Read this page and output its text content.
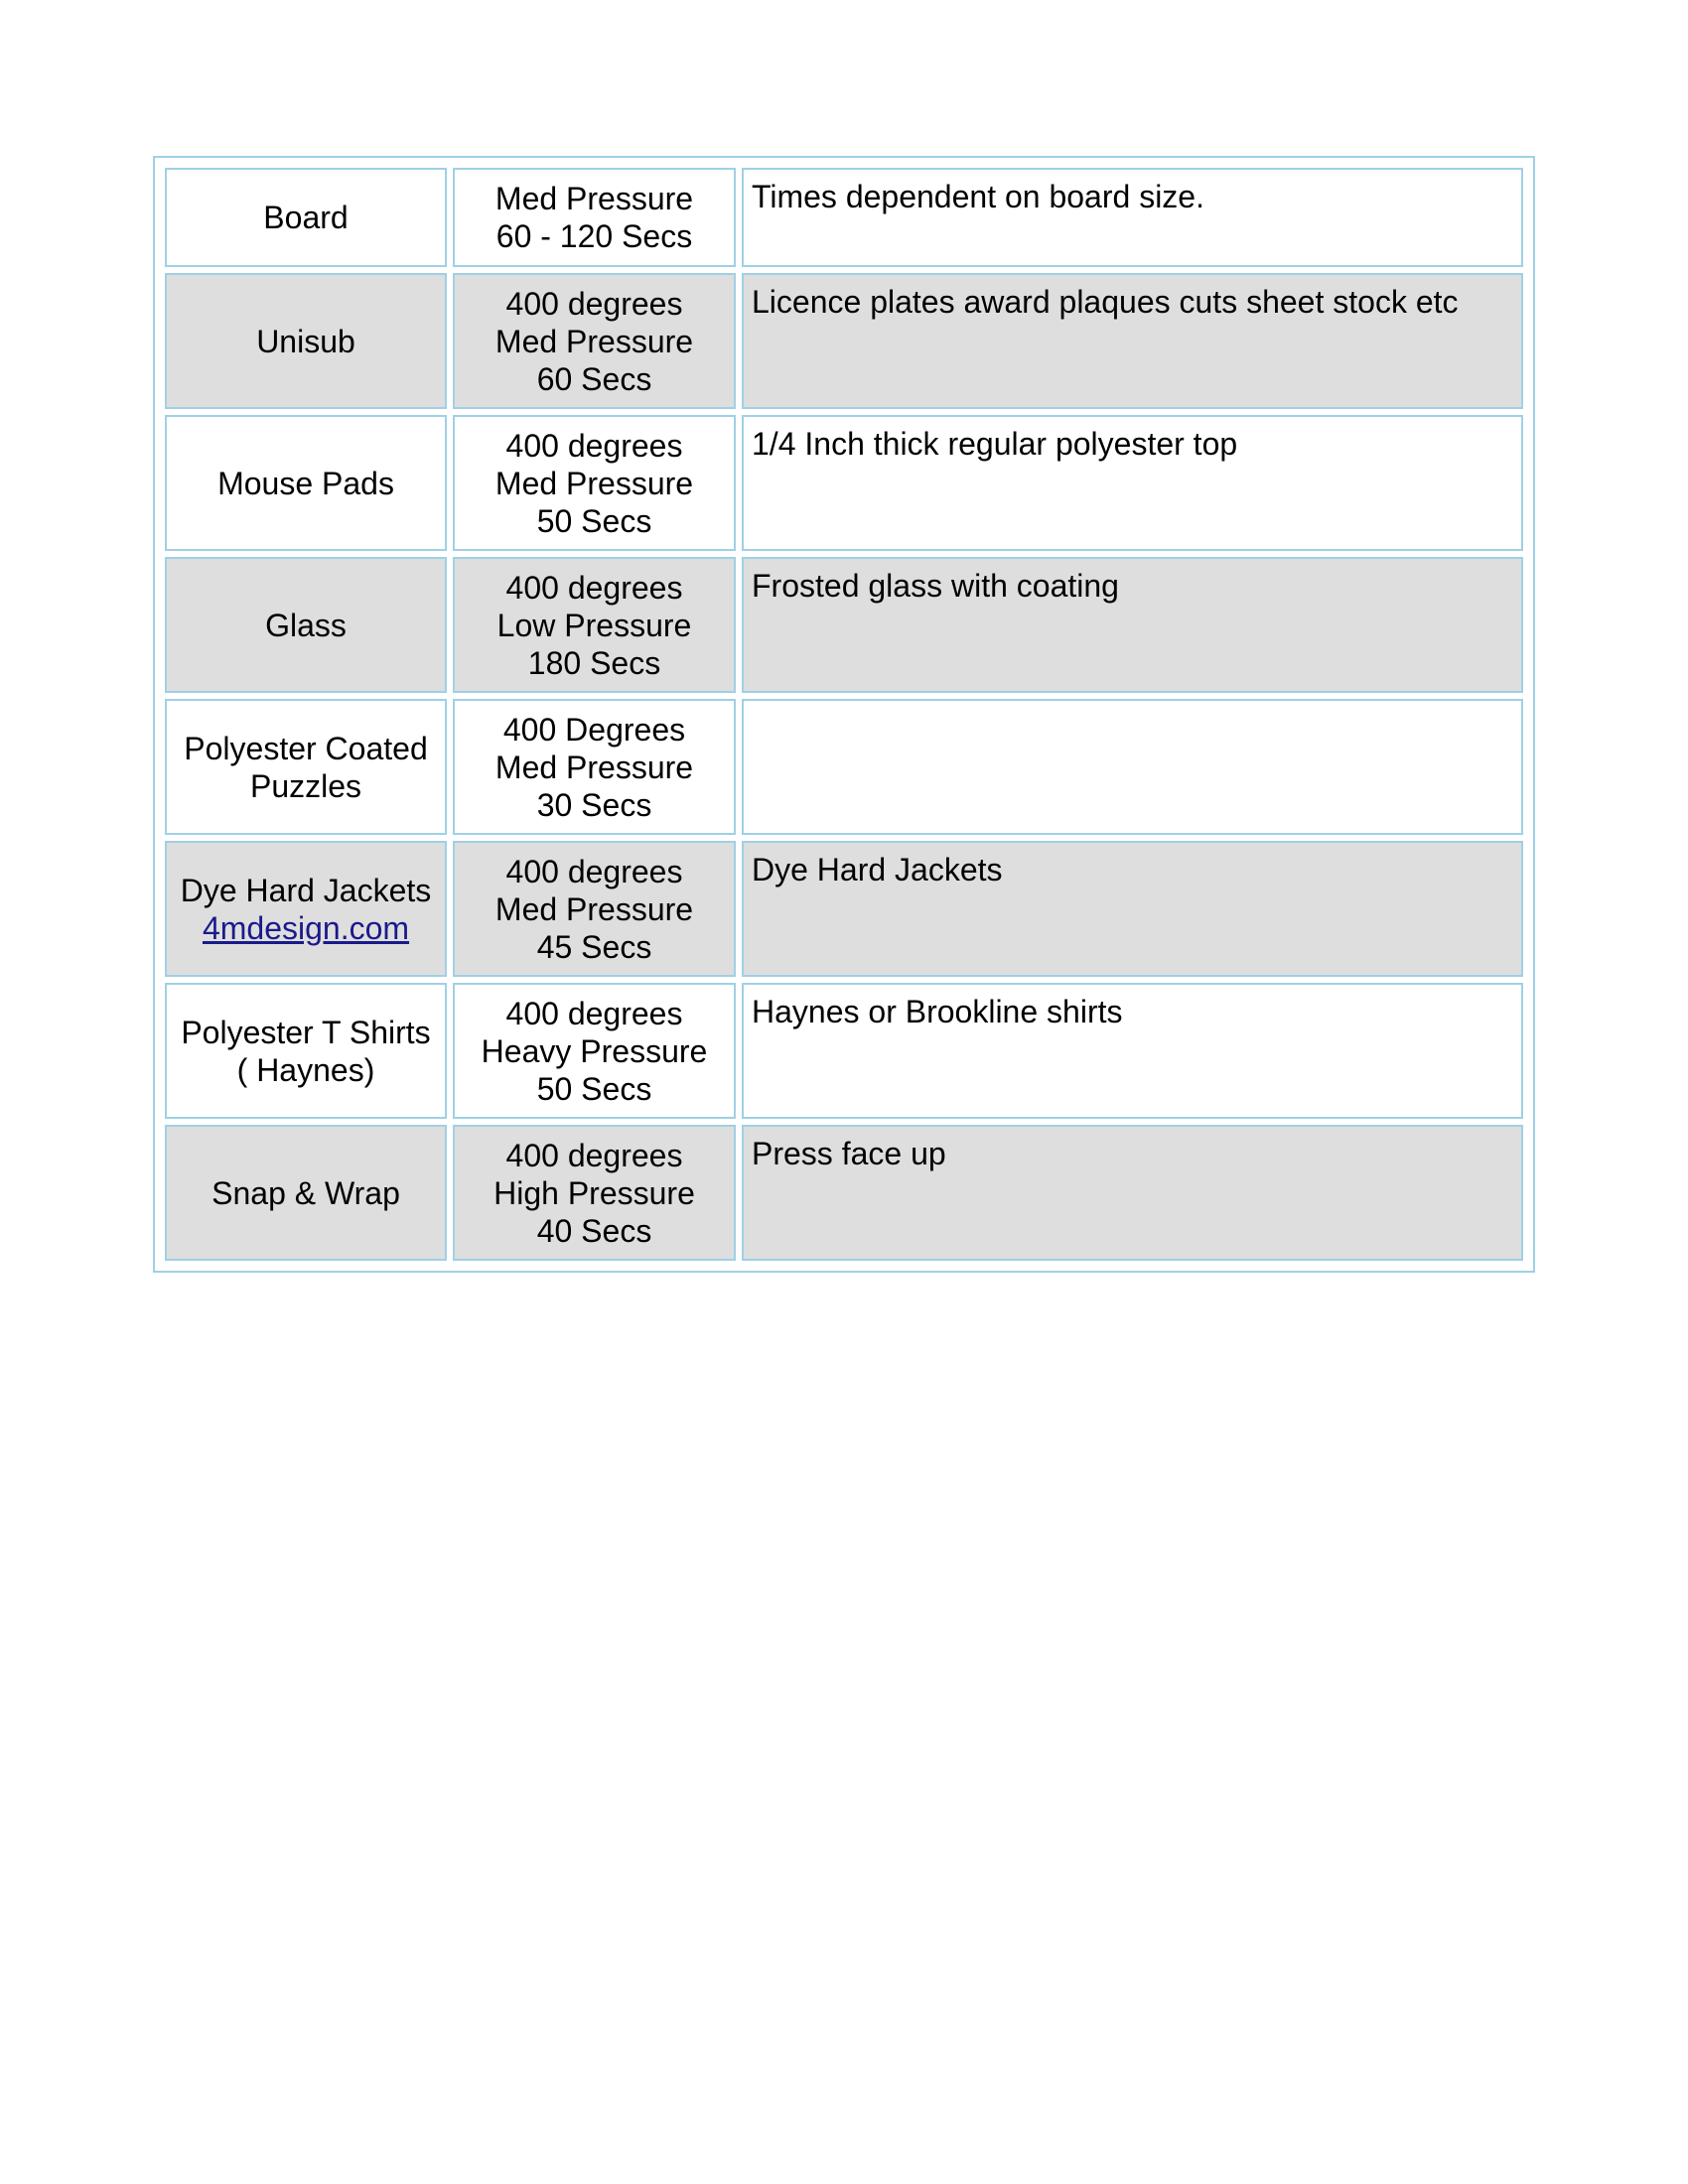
Board	Med Pressure
60 - 120 Secs	Times dependent on board size.

Unisub	400 degrees
Med Pressure
60 Secs	Licence plates award plaques cuts sheet stock etc

Mouse Pads	400 degrees
Med Pressure
50 Secs	1/4 Inch thick regular polyester top

Glass	400 degrees
Low Pressure
180 Secs	Frosted glass with coating

Polyester Coated
Puzzles	400 Degrees
Med Pressure
30 Secs	

Dye Hard Jackets
4mdesign.com	400 degrees
Med Pressure
45 Secs	Dye Hard Jackets

Polyester T Shirts
( Haynes)	400 degrees
Heavy Pressure
50 Secs	Haynes or Brookline shirts

Snap & Wrap	400 degrees
High Pressure
40 Secs	Press face up
